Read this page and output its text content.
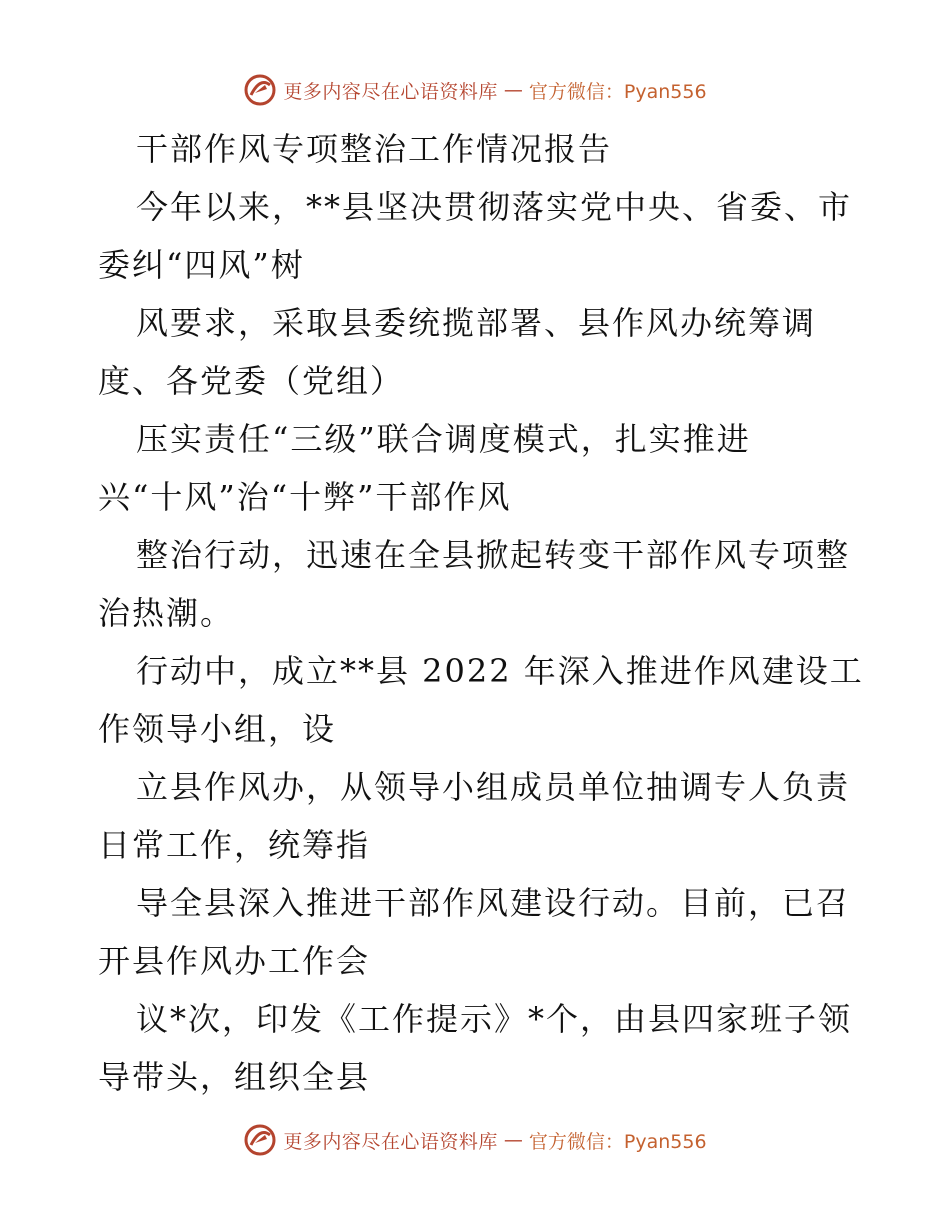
更多内容尽在心语资料库 — 官方微信：Pyan556
干部作风专项整治工作情况报告
今年以来，**县坚决贯彻落实党中央、省委、市
委纠“四风”树
风要求，采取县委统揽部署、县作风办统筹调
度、各党委（党组）
压实责任“三级”联合调度模式，扎实推进
兴“十风”治“十弊”干部作风
整治行动，迅速在全县掀起转变干部作风专项整
治热潮。
行动中，成立**县 2022 年深入推进作风建设工
作领导小组，设
立县作风办，从领导小组成员单位抽调专人负责
日常工作，统筹指
导全县深入推进干部作风建设行动。目前，已召
开县作风办工作会
议*次，印发《工作提示》*个，由县四家班子领
导带头，组织全县
更多内容尽在心语资料库 — 官方微信：Pyan556
